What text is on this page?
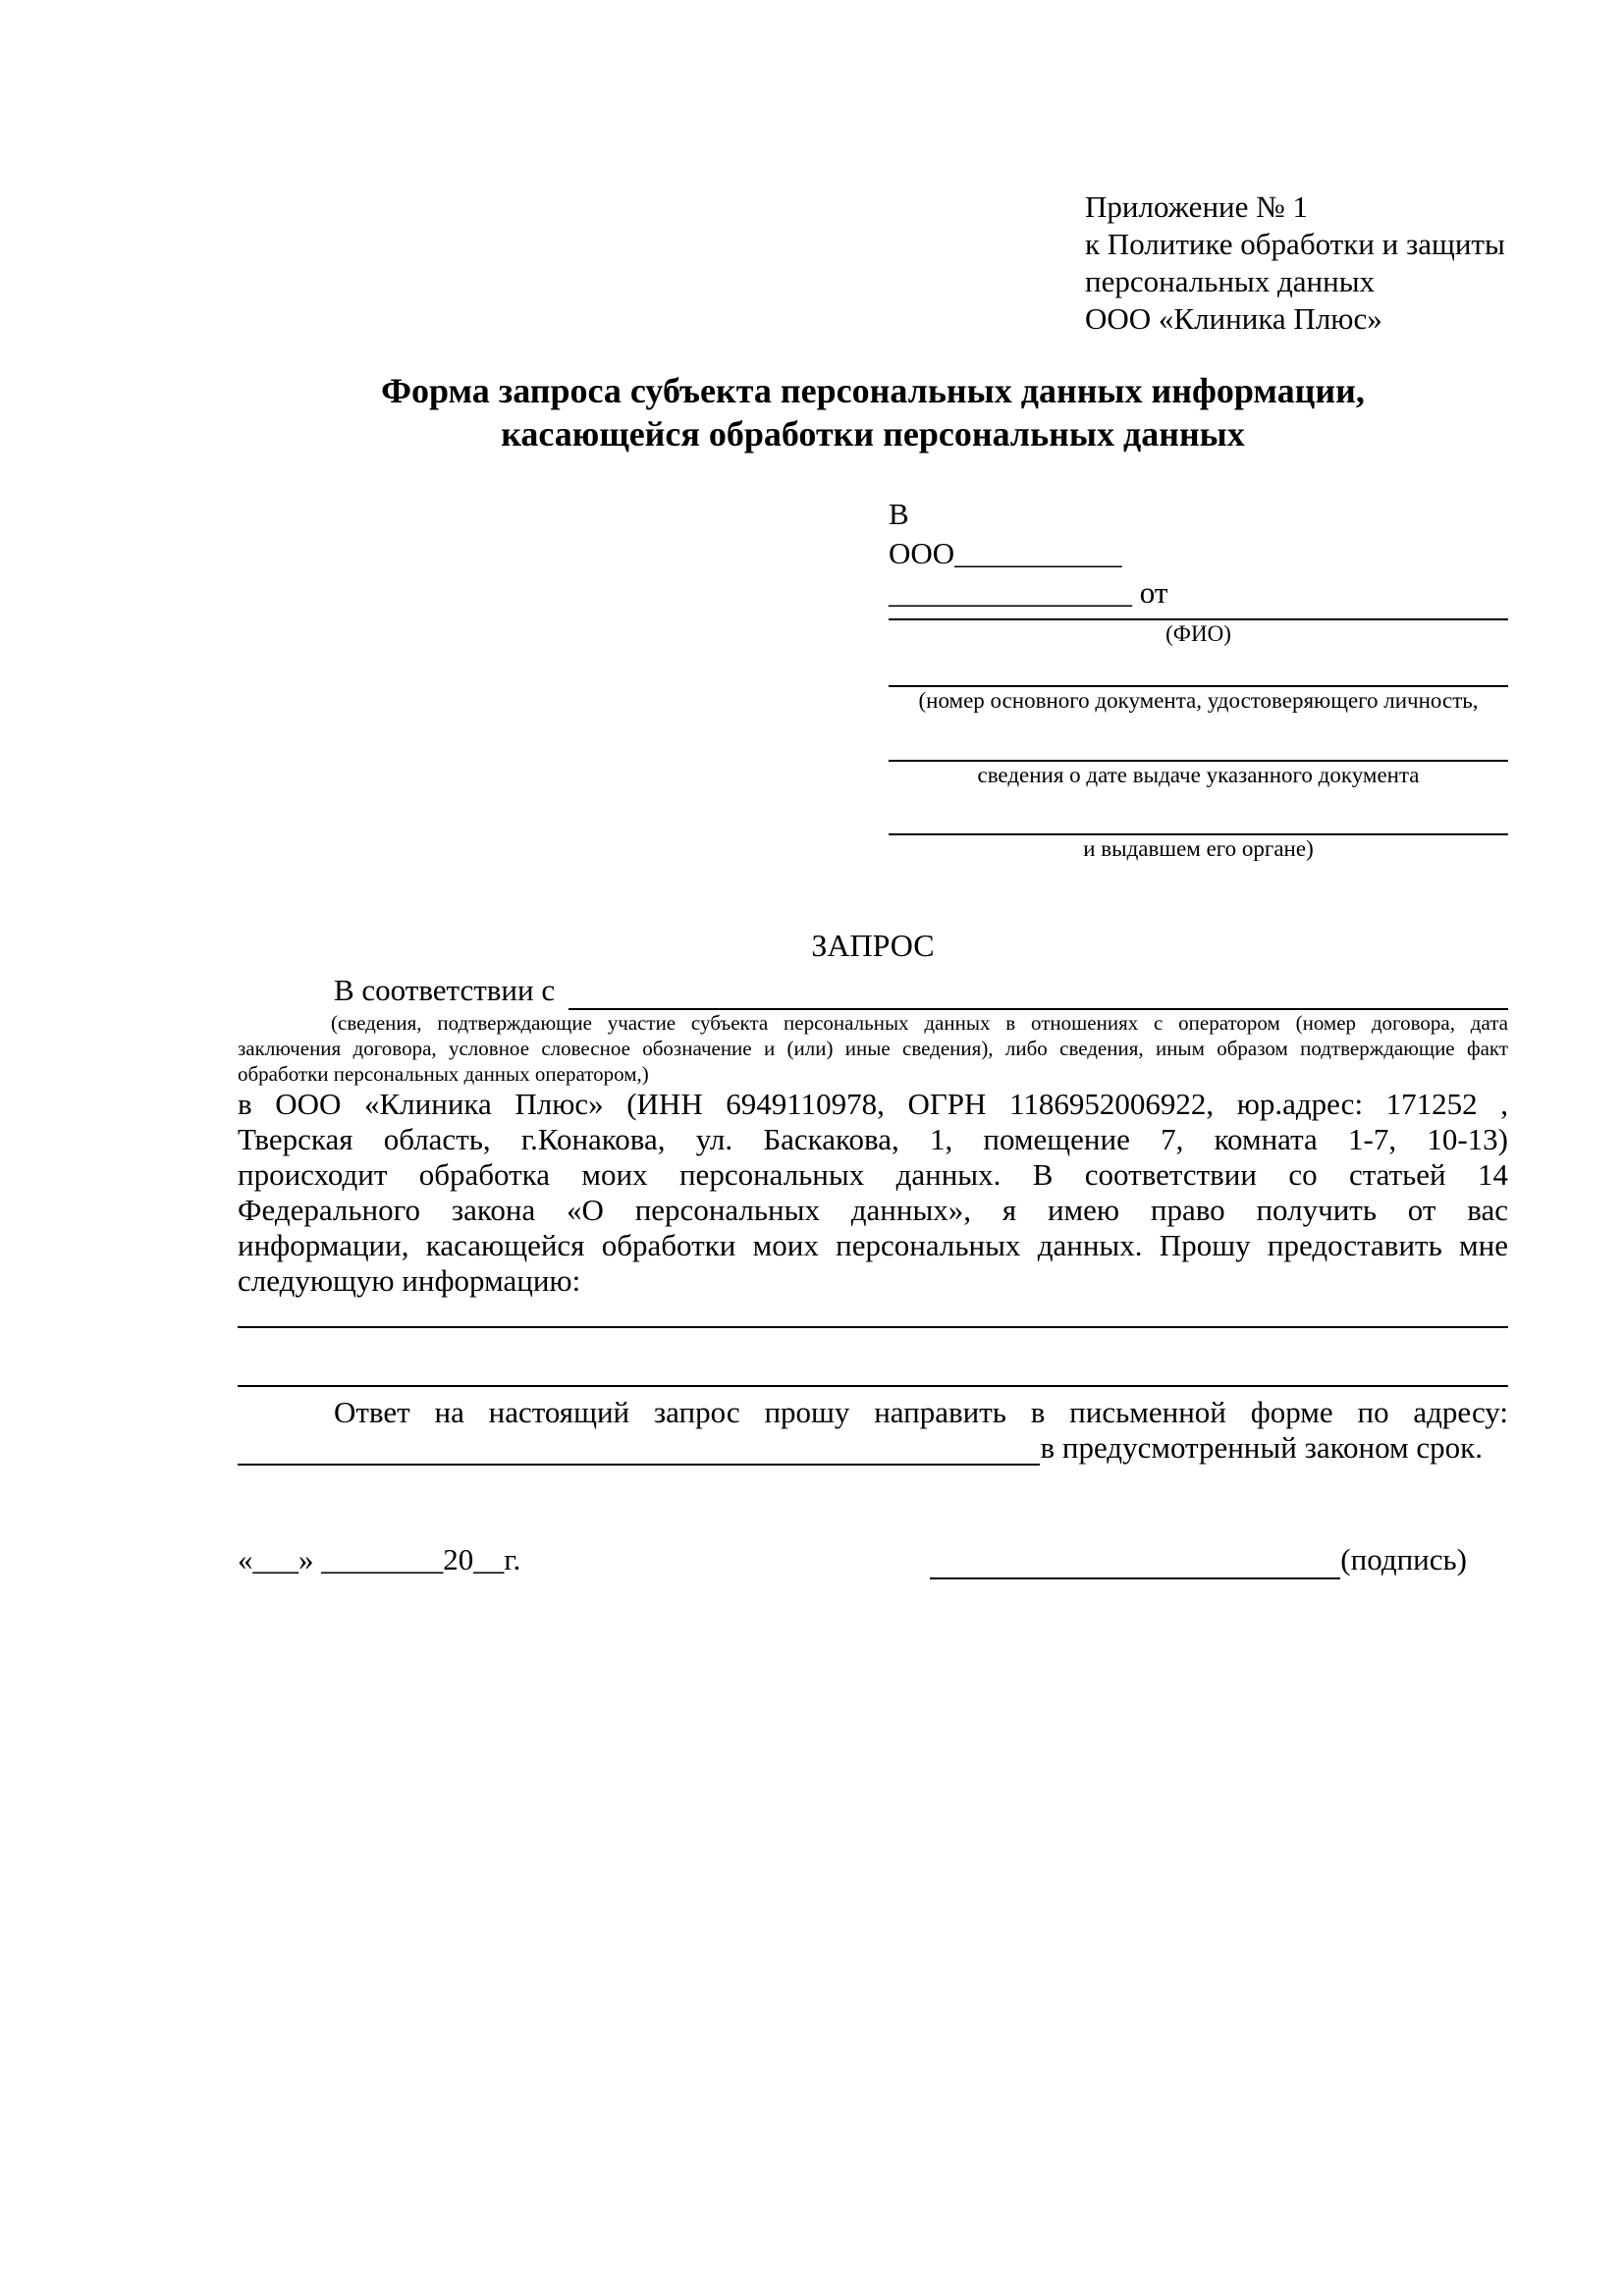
Приложение № 1
к Политике обработки и защиты
персональных данных
ООО «Клиника Плюс»
Форма запроса субъекта персональных данных информации,
касающейся обработки персональных данных
В
ООО___________
________________ от
(ФИО)
(номер основного документа, удостоверяющего личность,
сведения о дате выдаче указанного документа
и выдавшем его органе)
ЗАПРОС
В соответствии с
(сведения, подтверждающие участие субъекта персональных данных в отношениях с оператором (номер договора, дата
заключения договора, условное словесное обозначение и (или) иные сведения), либо сведения, иным образом подтверждающие факт
обработки персональных данных оператором,)
в ООО «Клиника Плюс» (ИНН 6949110978, ОГРН 1186952006922, юр.адрес: 171252 ,
Тверская область, г.Конакова, ул. Баскакова, 1, помещение 7, комната 1-7, 10-13)
происходит обработка моих персональных данных. В соответствии со статьей 14
Федерального закона «О персональных данных», я имею право получить от вас
информации, касающейся обработки моих персональных данных. Прошу предоставить мне
следующую информацию:
Ответ на настоящий запрос прошу направить в письменной форме по адресу:
в предусмотренный законом срок.
«___» ________20__г.	(подпись)
